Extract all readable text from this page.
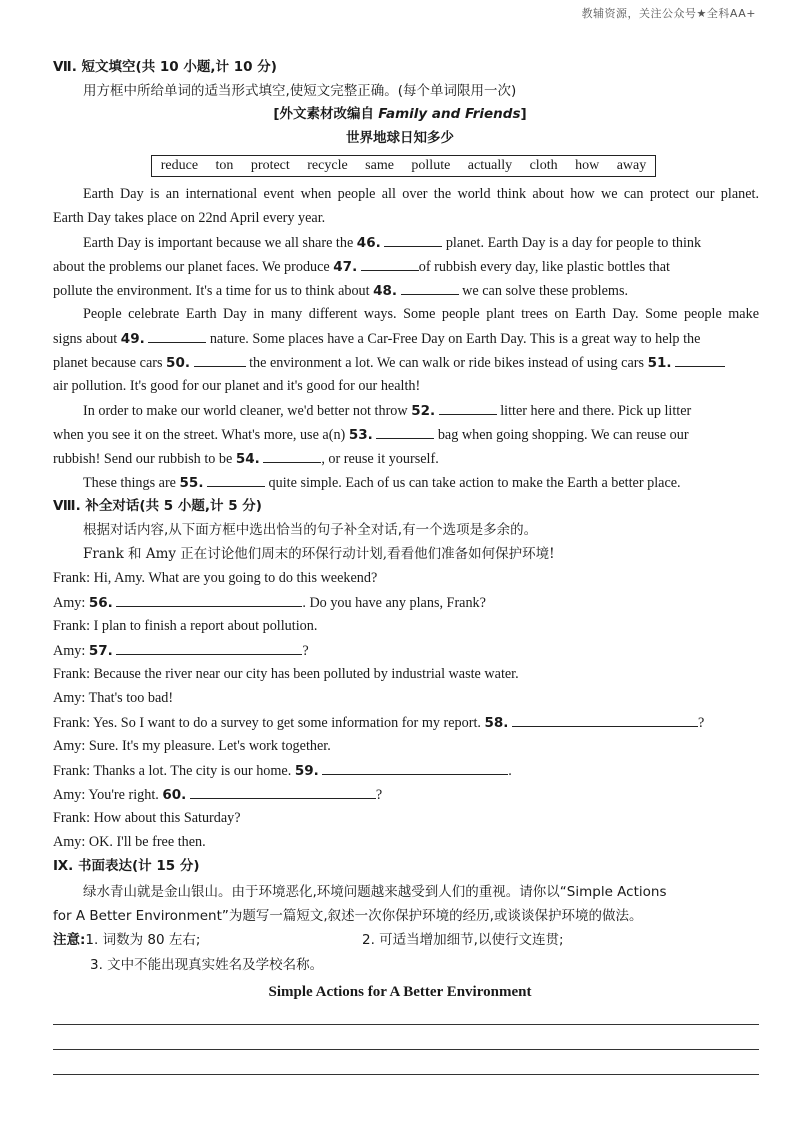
教辅资源，关注公众号★全科AA+
Ⅶ. 短文填空(共 10 小题,计 10 分)
用方框中所给单词的适当形式填空,使短文完整正确。(每个单词限用一次)
[外文素材改编自 Family and Friends]
世界地球日知多少
reduce ton protect recycle same pollute actually cloth how away
Earth Day is an international event when people all over the world think about how we can protect our planet.
Earth Day takes place on 22nd April every year.
Earth Day is important because we all share the 46.	planet. Earth Day is a day for people to think
about the problems our planet faces. We produce 47.	of rubbish every day, like plastic bottles that
pollute the environment. It's a time for us to think about 48.	we can solve these problems.
People celebrate Earth Day in many different ways. Some people plant trees on Earth Day. Some people make
signs about 49.	nature. Some places have a Car-Free Day on Earth Day. This is a great way to help the
planet because cars 50.	the environment a lot. We can walk or ride bikes instead of using cars 51.
air pollution. It's good for our planet and it's good for our health!
In order to make our world cleaner, we'd better not throw 52.	litter here and there. Pick up litter
when you see it on the street. What's more, use a(n) 53.	bag when going shopping. We can reuse our
rubbish! Send our rubbish to be 54.	, or reuse it yourself.
These things are 55.	quite simple. Each of us can take action to make the Earth a better place.
Ⅷ. 补全对话(共 5 小题,计 5 分)
根据对话内容,从下面方框中选出恰当的句子补全对话,有一个选项是多余的。
Frank 和 Amy 正在讨论他们周末的环保行动计划,看看他们准备如何保护环境!
Frank: Hi, Amy. What are you going to do this weekend?
Amy: 56.	. Do you have any plans, Frank?
Frank: I plan to finish a report about pollution.
Amy: 57.	?
Frank: Because the river near our city has been polluted by industrial waste water.
Amy: That's too bad!
Frank: Yes. So I want to do a survey to get some information for my report. 58.	?
Amy: Sure. It's my pleasure. Let's work together.
Frank: Thanks a lot. The city is our home. 59.	.
Amy: You're right. 60.	?
Frank: How about this Saturday?
Amy: OK. I'll be free then.
Ⅸ. 书面表达(计 15 分)
绿水青山就是金山银山。由于环境恶化,环境问题越来越受到人们的重视。请你以“Simple Actions
for A Better Environment”为题写一篇短文,叙述一次你保护环境的经历,或谈谈保护环境的做法。
注意:1. 词数为 80 左右;	2. 可适当增加细节,以使行文连贯;
3. 文中不能出现真实姓名及学校名称。
Simple Actions for A Better Environment
